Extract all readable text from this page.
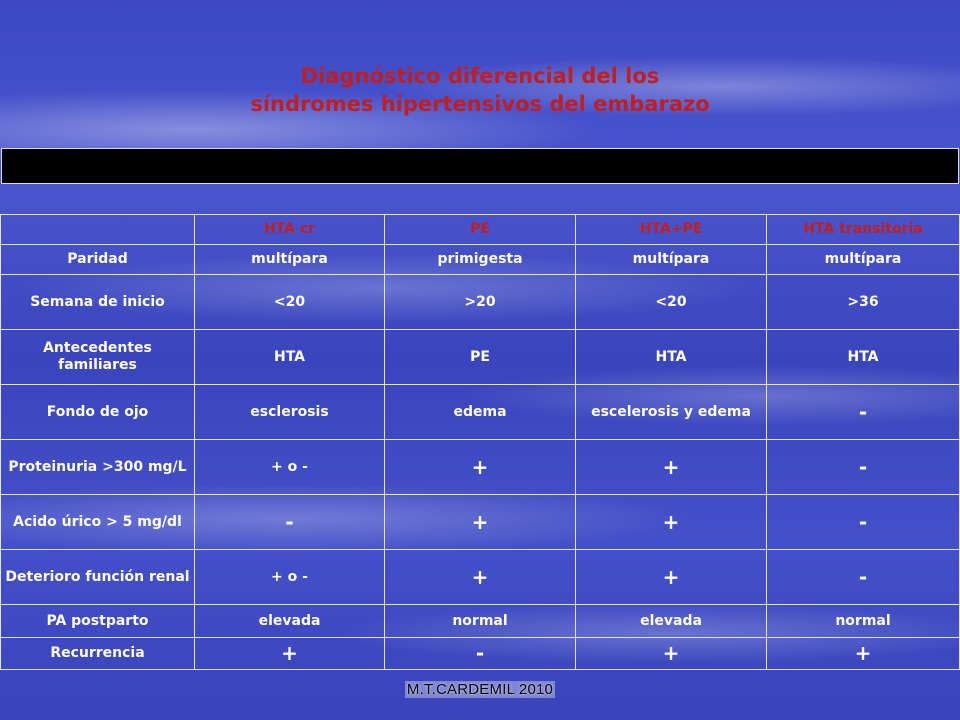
Diagnóstico diferencial del los
síndromes hipertensivos del embarazo
	HTA cr	PE	HTA+PE	HTA transitoria
Paridad	multípara	primigesta	multípara	multípara
Semana de inicio	<20	>20	<20	>36
Antecedentes familiares	HTA	PE	HTA	HTA
Fondo de ojo	esclerosis	edema	escelerosis y edema	-
Proteinuria >300 mg/L	+ o -	+	+	-
Acido úrico > 5 mg/dl	-	+	+	-
Deterioro función renal	+ o -	+	+	-
PA postparto	elevada	normal	elevada	normal
Recurrencia	+	-	+	+
M.T.CARDEMIL 2010
